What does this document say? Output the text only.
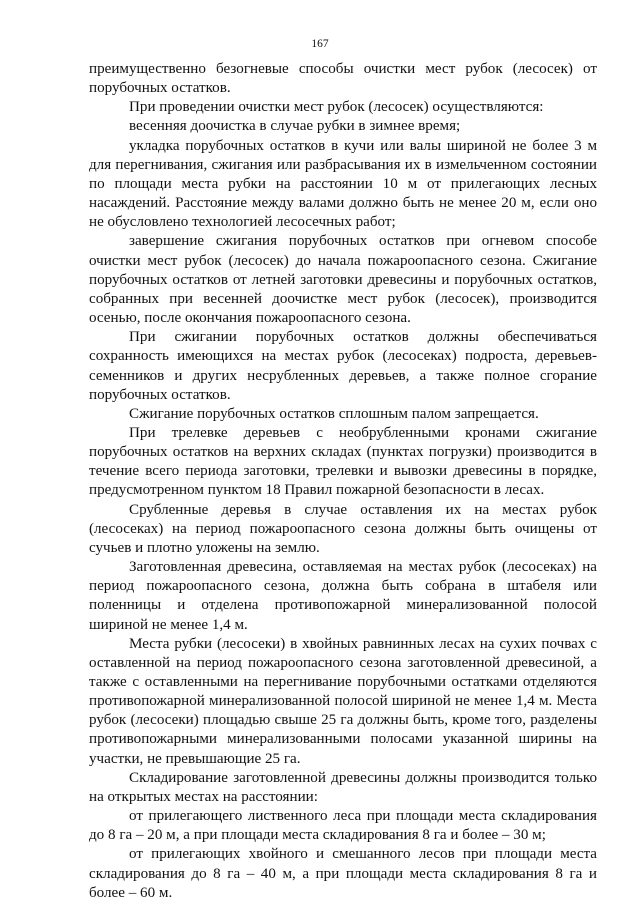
167

преимущественно безогневые способы очистки мест рубок (лесосек) от порубочных остатков.

При проведении очистки мест рубок (лесосек) осуществляются:

весенняя доочистка в случае рубки в зимнее время;

укладка порубочных остатков в кучи или валы шириной не более 3 м для перегнивания, сжигания или разбрасывания их в измельченном состоянии по площади места рубки на расстоянии 10 м от прилегающих лесных насаждений. Расстояние между валами должно быть не менее 20 м, если оно не обусловлено технологией лесосечных работ;

завершение сжигания порубочных остатков при огневом способе очистки мест рубок (лесосек) до начала пожароопасного сезона. Сжигание порубочных остатков от летней заготовки древесины и порубочных остатков, собранных при весенней доочистке мест рубок (лесосек), производится осенью, после окончания пожароопасного сезона.

При сжигании порубочных остатков должны обеспечиваться сохранность имеющихся на местах рубок (лесосеках) подроста, деревьев-семенников и других несрубленных деревьев, а также полное сгорание порубочных остатков.

Сжигание порубочных остатков сплошным палом запрещается.

При трелевке деревьев с необрубленными кронами сжигание порубочных остатков на верхних складах (пунктах погрузки) производится в течение всего периода заготовки, трелевки и вывозки древесины в порядке, предусмотренном пунктом 18 Правил пожарной безопасности в лесах.

Срубленные деревья в случае оставления их на местах рубок (лесосеках) на период пожароопасного сезона должны быть очищены от сучьев и плотно уложены на землю.

Заготовленная древесина, оставляемая на местах рубок (лесосеках) на период пожароопасного сезона, должна быть собрана в штабеля или поленницы и отделена противопожарной минерализованной полосой шириной не менее 1,4 м.

Места рубки (лесосеки) в хвойных равнинных лесах на сухих почвах с оставленной на период пожароопасного сезона заготовленной древесиной, а также с оставленными на перегнивание порубочными остатками отделяются противопожарной минерализованной полосой шириной не менее 1,4 м. Места рубок (лесосеки) площадью свыше 25 га должны быть, кроме того, разделены противопожарными минерализованными полосами указанной ширины на участки, не превышающие 25 га.

Складирование заготовленной древесины должны производится только на открытых местах на расстоянии:

от прилегающего лиственного леса при площади места складирования до 8 га – 20 м, а при площади места складирования 8 га и более – 30 м;

от прилегающих хвойного и смешанного лесов при площади места складирования до 8 га – 40 м, а при площади места складирования 8 га и более – 60 м.
